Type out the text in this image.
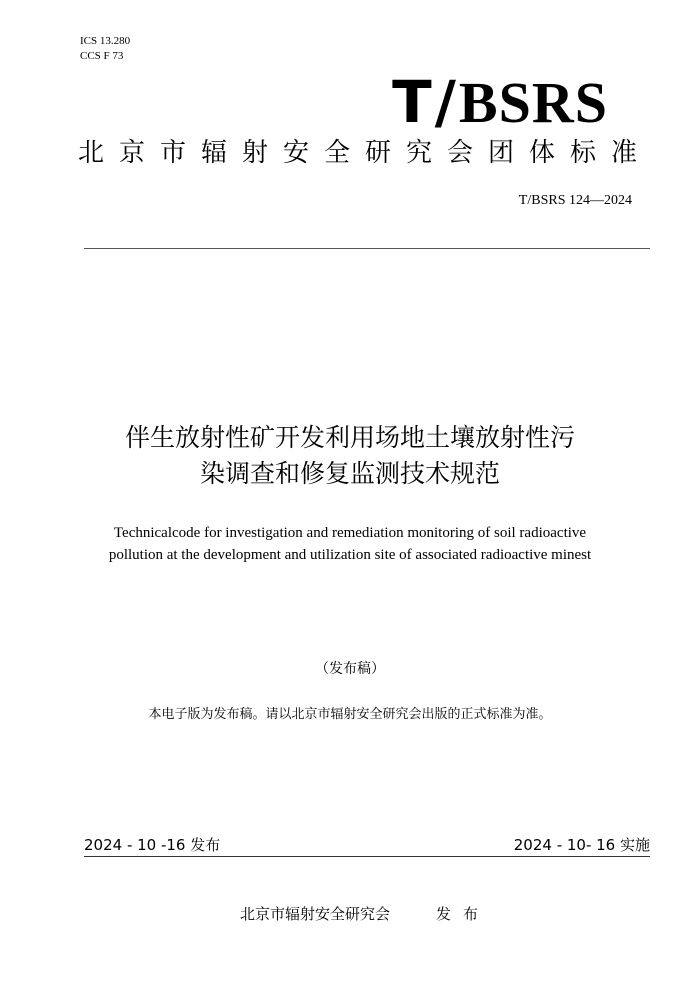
ICS 13.280
CCS F 73
T/BSRS
北京市辐射安全研究会团体标准
T/BSRS 124—2024
伴生放射性矿开发利用场地土壤放射性污
染调查和修复监测技术规范
Technicalcode for investigation and remediation monitoring of soil radioactive
pollution at the development and utilization site of associated radioactive minest
（发布稿）
本电子版为发布稿。请以北京市辐射安全研究会出版的正式标准为准。
2024 - 10 -16 发布	2024 - 10- 16 实施
北京市辐射安全研究会	发布
